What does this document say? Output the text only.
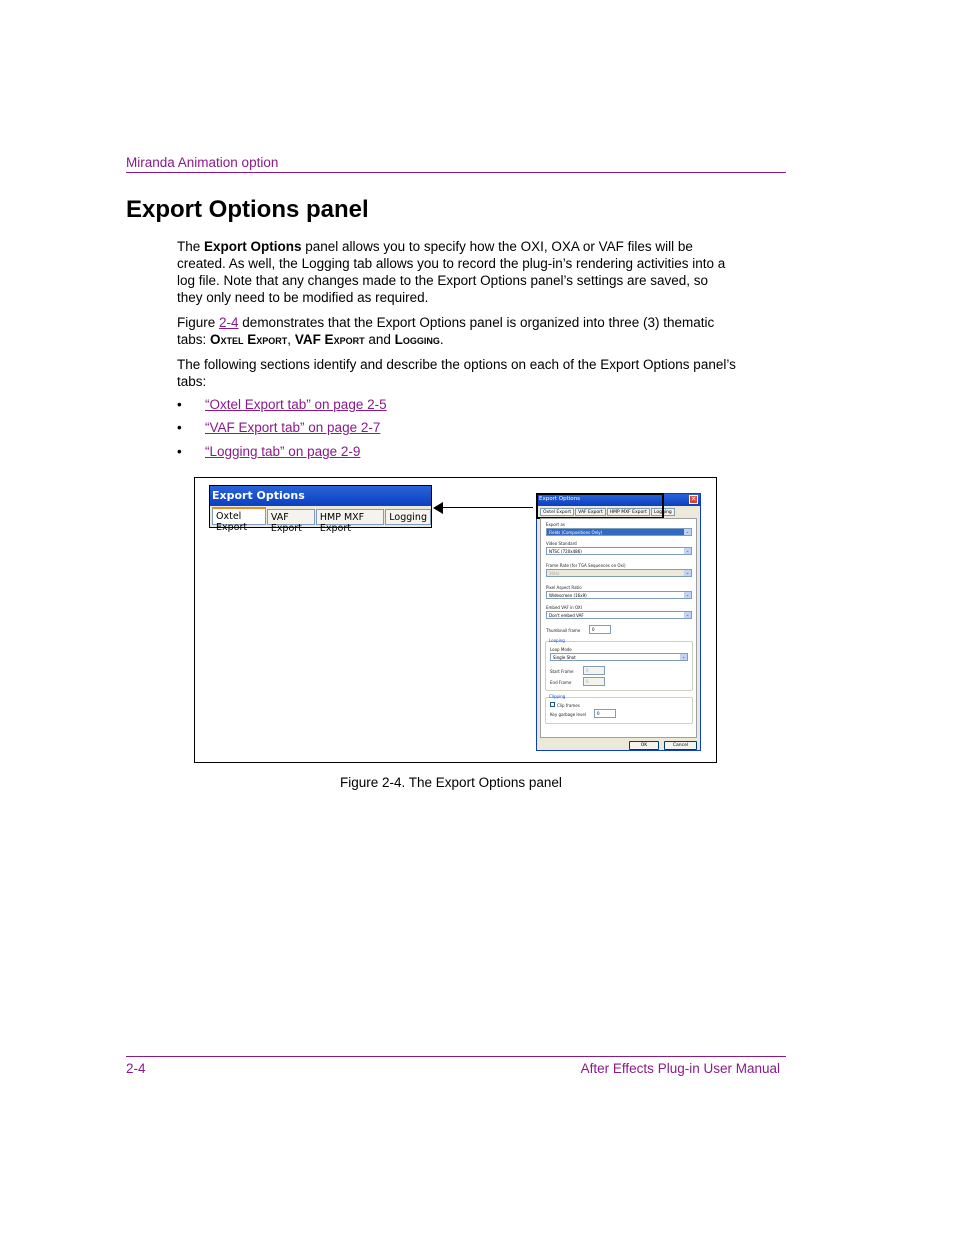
Miranda Animation option
Export Options panel

The Export Options panel allows you to specify how the OXI, OXA or VAF files will be created. As well, the Logging tab allows you to record the plug-in’s rendering activities into a log file. Note that any changes made to the Export Options panel’s settings are saved, so they only need to be modified as required.

Figure 2-4 demonstrates that the Export Options panel is organized into three (3) thematic tabs: Oxtel Export, VAF Export and Logging.

The following sections identify and describe the options on each of the Export Options panel’s tabs:

• “Oxtel Export tab” on page 2-5
• “VAF Export tab” on page 2-7
• “Logging tab” on page 2-9
Export Options
Oxtel Export
VAF Export
HMP MXF Export
Logging
Export Options	✕
Oxtel Export	VAF Export	HMP MXF Export	Logging
Export as
Fields (Compositions Only)	⌄
Video Standard
NTSC (720x486)	⌄
Frame Rate (for TGA Sequences on Oxi)
30Hz	⌄
Pixel Aspect Ratio
Widescreen (16x9)	⌄
Embed VAF in OXI
Don't embed VAF	⌄
Thumbnail frame	0
Looping
Loop Mode
Single Shot	⌄
Start Frame	0
End Frame	0
Clipping
Clip frames
Key garbage level	0
OK	Cancel
Figure 2-4. The Export Options panel
2-4	After Effects Plug-in User Manual
